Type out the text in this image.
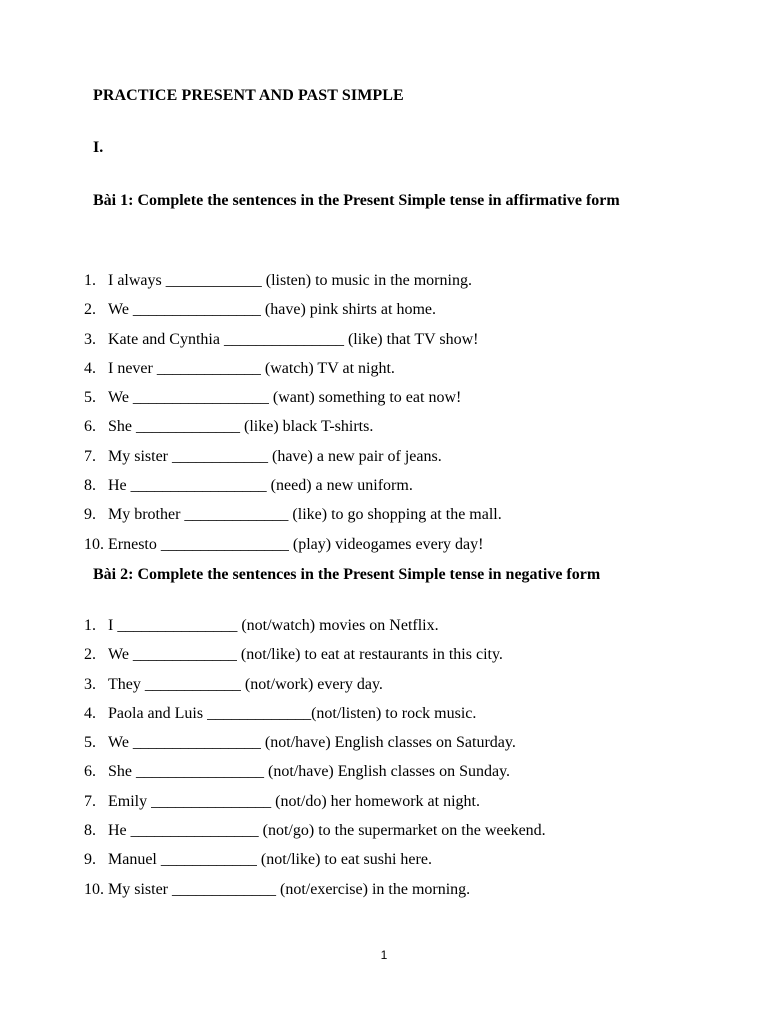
PRACTICE PRESENT AND PAST SIMPLE
I.
Bài 1: Complete the sentences in the Present Simple tense in affirmative form
1. I always ____________ (listen) to music in the morning.
2. We ________________ (have) pink shirts at home.
3. Kate and Cynthia _______________ (like) that TV show!
4. I never _____________ (watch) TV at night.
5. We _________________ (want) something to eat now!
6. She _____________ (like) black T-shirts.
7. My sister ____________ (have) a new pair of jeans.
8. He _________________ (need) a new uniform.
9. My brother _____________ (like) to go shopping at the mall.
10. Ernesto ________________ (play) videogames every day!
Bài 2: Complete the sentences in the Present Simple tense in negative form
1. I _______________ (not/watch) movies on Netflix.
2. We _____________ (not/like) to eat at restaurants in this city.
3. They ____________ (not/work) every day.
4. Paola and Luis _____________(not/listen) to rock music.
5. We ________________ (not/have) English classes on Saturday.
6. She ________________ (not/have) English classes on Sunday.
7. Emily _______________ (not/do) her homework at night.
8. He ________________ (not/go) to the supermarket on the weekend.
9. Manuel ____________ (not/like) to eat sushi here.
10. My sister _____________ (not/exercise) in the morning.
1
